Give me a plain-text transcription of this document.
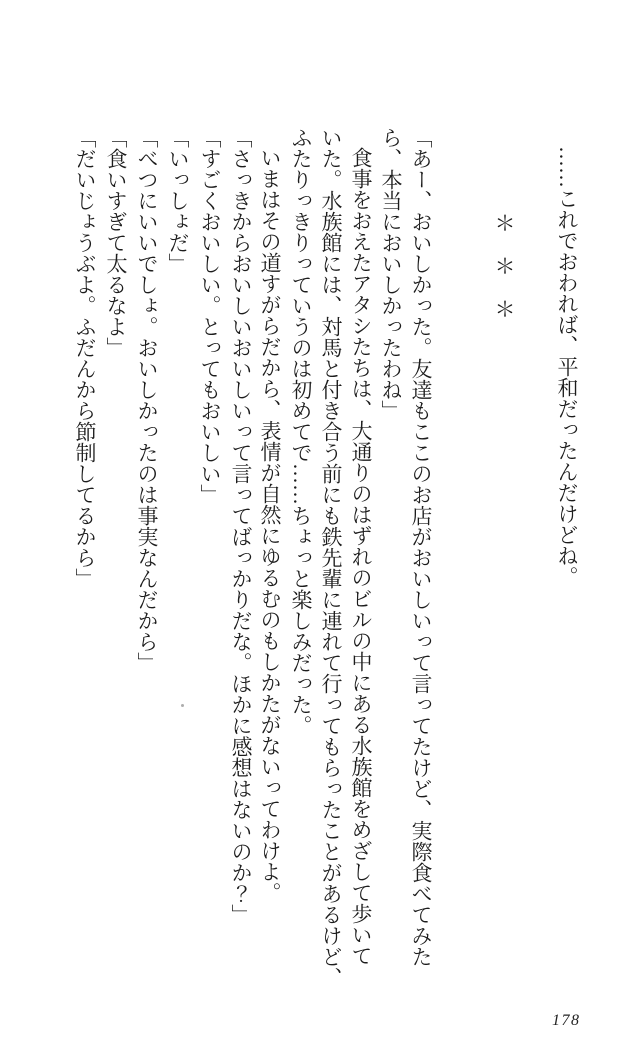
……これでおわれば、平和だったんだけどね。
＊＊＊
「あー、おいしかった。友達もここのお店がおいしいって言ってたけど、実際食べてみた
ら、本当においしかったわね」
食事をおえたアタシたちは、大通りのはずれのビルの中にある水族館をめざして歩いて
いた。水族館には、対馬と付き合う前にも鉄先輩に連れて行ってもらったことがあるけど、
ふたりっきりっていうのは初めてで……ちょっと楽しみだった。
いまはその道すがらだから、表情が自然にゆるむのもしかたがないってわけよ。
「さっきからおいしいおいしいって言ってばっかりだな。ほかに感想はないのか？」
「すごくおいしい。とってもおいしい」
「いっしょだ」
「べつにいいでしょ。おいしかったのは事実なんだから」
「食いすぎて太るなよ」
「だいじょうぶよ。ふだんから節制してるから」
178
